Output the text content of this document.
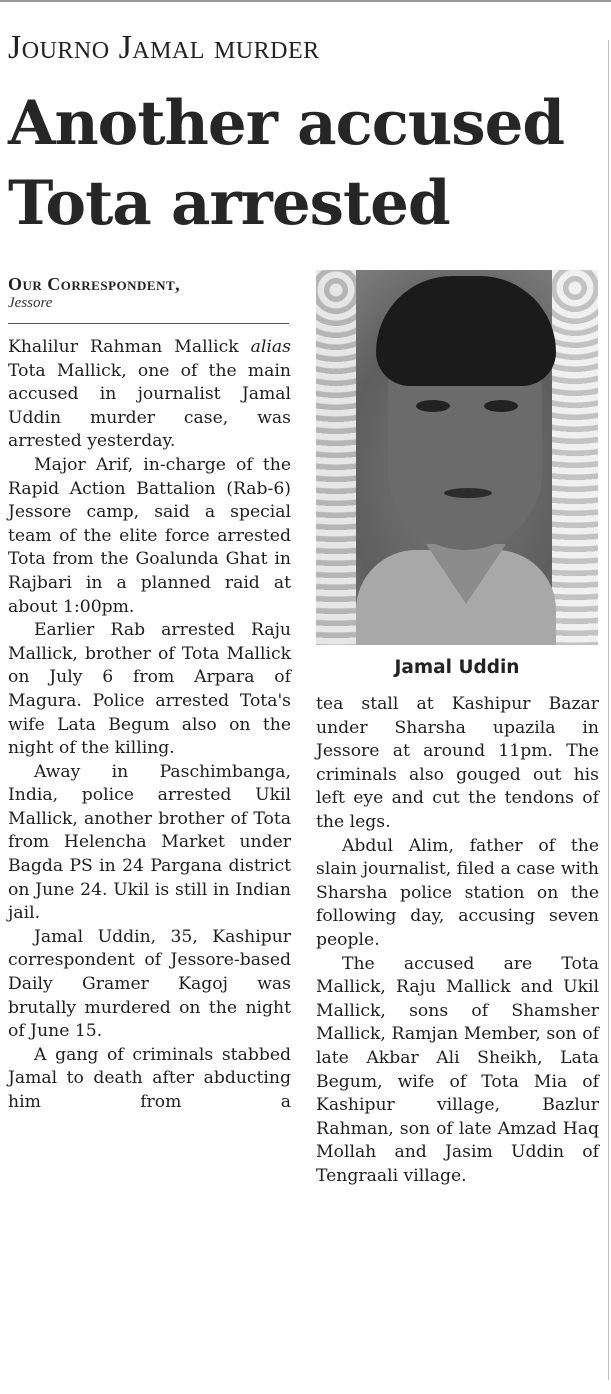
Journo Jamal murder
Another accused
Tota arrested
Our Correspondent,
Jessore

Khalilur Rahman Mallick alias Tota Mallick, one of the main accused in journalist Jamal Uddin murder case, was arrested yesterday.

Major Arif, in-charge of the Rapid Action Battalion (Rab-6) Jessore camp, said a special team of the elite force arrested Tota from the Goalunda Ghat in Rajbari in a planned raid at about 1:00pm.

Earlier Rab arrested Raju Mallick, brother of Tota Mallick on July 6 from Arpara of Magura. Police arrested Tota's wife Lata Begum also on the night of the killing.

Away in Paschimbanga, India, police arrested Ukil Mallick, another brother of Tota from Helencha Market under Bagda PS in 24 Pargana district on June 24. Ukil is still in Indian jail.

Jamal Uddin, 35, Kashipur correspondent of Jessore-based Daily Gramer Kagoj was brutally murdered on the night of June 15.

A gang of criminals stabbed Jamal to death after abducting him from a

Jamal Uddin

tea stall at Kashipur Bazar under Sharsha upazila in Jessore at around 11pm. The criminals also gouged out his left eye and cut the tendons of the legs.

Abdul Alim, father of the slain journalist, filed a case with Sharsha police station on the following day, accusing seven people.

The accused are Tota Mallick, Raju Mallick and Ukil Mallick, sons of Shamsher Mallick, Ramjan Member, son of late Akbar Ali Sheikh, Lata Begum, wife of Tota Mia of Kashipur village, Bazlur Rahman, son of late Amzad Haq Mollah and Jasim Uddin of Tengraali village.
